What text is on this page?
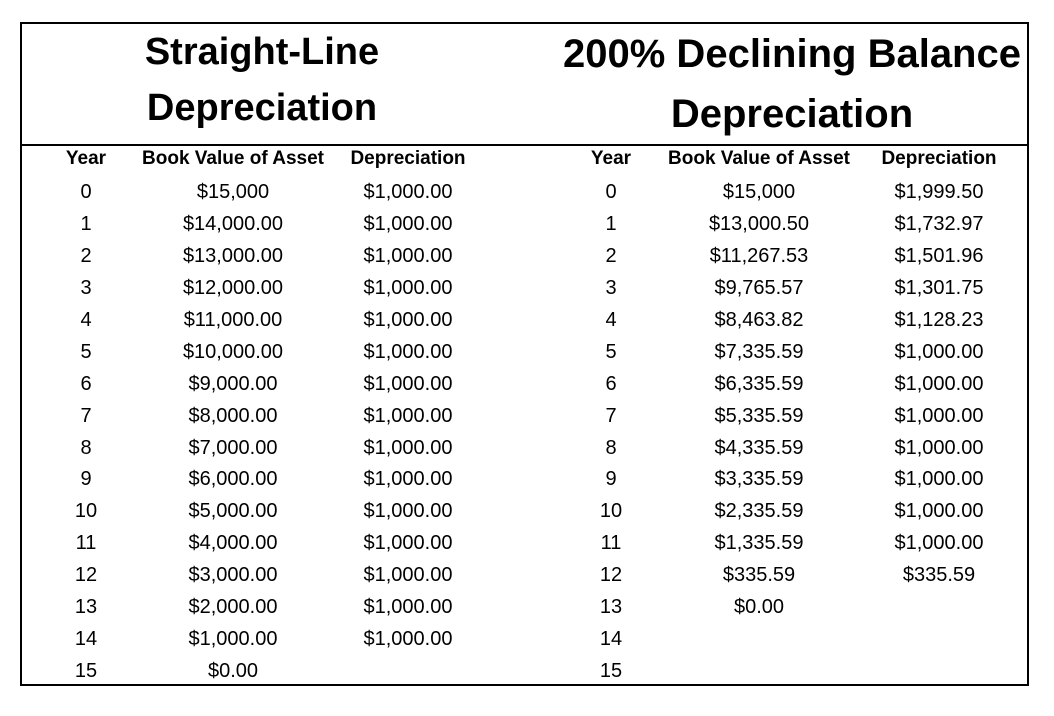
Straight-Line
Depreciation
200% Declining Balance
Depreciation
Year	Book Value of Asset	Depreciation
0	$15,000	$1,000.00
1	$14,000.00	$1,000.00
2	$13,000.00	$1,000.00
3	$12,000.00	$1,000.00
4	$11,000.00	$1,000.00
5	$10,000.00	$1,000.00
6	$9,000.00	$1,000.00
7	$8,000.00	$1,000.00
8	$7,000.00	$1,000.00
9	$6,000.00	$1,000.00
10	$5,000.00	$1,000.00
11	$4,000.00	$1,000.00
12	$3,000.00	$1,000.00
13	$2,000.00	$1,000.00
14	$1,000.00	$1,000.00
15	$0.00	
Year	Book Value of Asset	Depreciation
0	$15,000	$1,999.50
1	$13,000.50	$1,732.97
2	$11,267.53	$1,501.96
3	$9,765.57	$1,301.75
4	$8,463.82	$1,128.23
5	$7,335.59	$1,000.00
6	$6,335.59	$1,000.00
7	$5,335.59	$1,000.00
8	$4,335.59	$1,000.00
9	$3,335.59	$1,000.00
10	$2,335.59	$1,000.00
11	$1,335.59	$1,000.00
12	$335.59	$335.59
13	$0.00	
14		
15		
